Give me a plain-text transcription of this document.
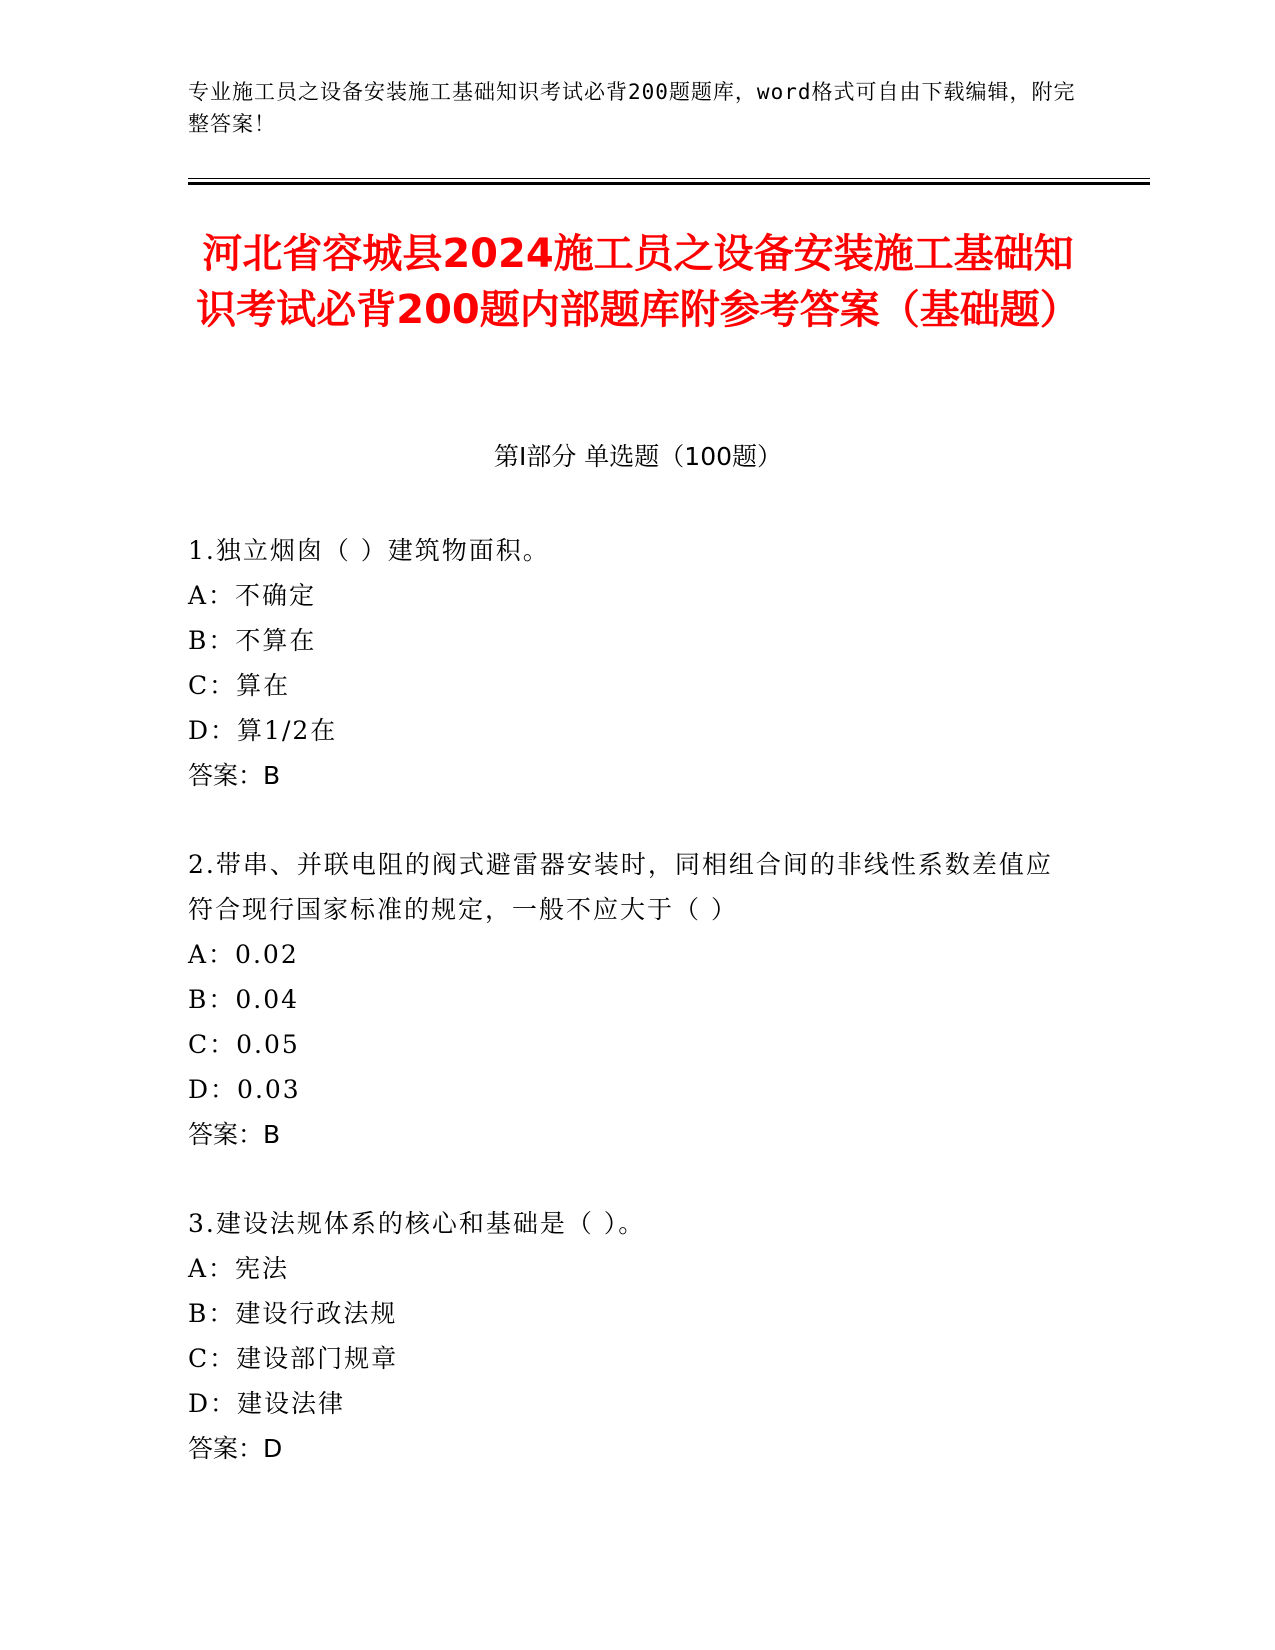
专业施工员之设备安装施工基础知识考试必背200题题库，word格式可自由下载编辑，附完整答案！
河北省容城县2024施工员之设备安装施工基础知识考试必背200题内部题库附参考答案（基础题）
第I部分 单选题（100题）
1.独立烟囱（ ）建筑物面积。
A：不确定
B：不算在
C：算在
D：算1/2在
答案：B
2.带串、并联电阻的阀式避雷器安装时，同相组合间的非线性系数差值应符合现行国家标准的规定，一般不应大于（ ）
A：0.02
B：0.04
C：0.05
D：0.03
答案：B
3.建设法规体系的核心和基础是（ ）。
A：宪法
B：建设行政法规
C：建设部门规章
D：建设法律
答案：D
